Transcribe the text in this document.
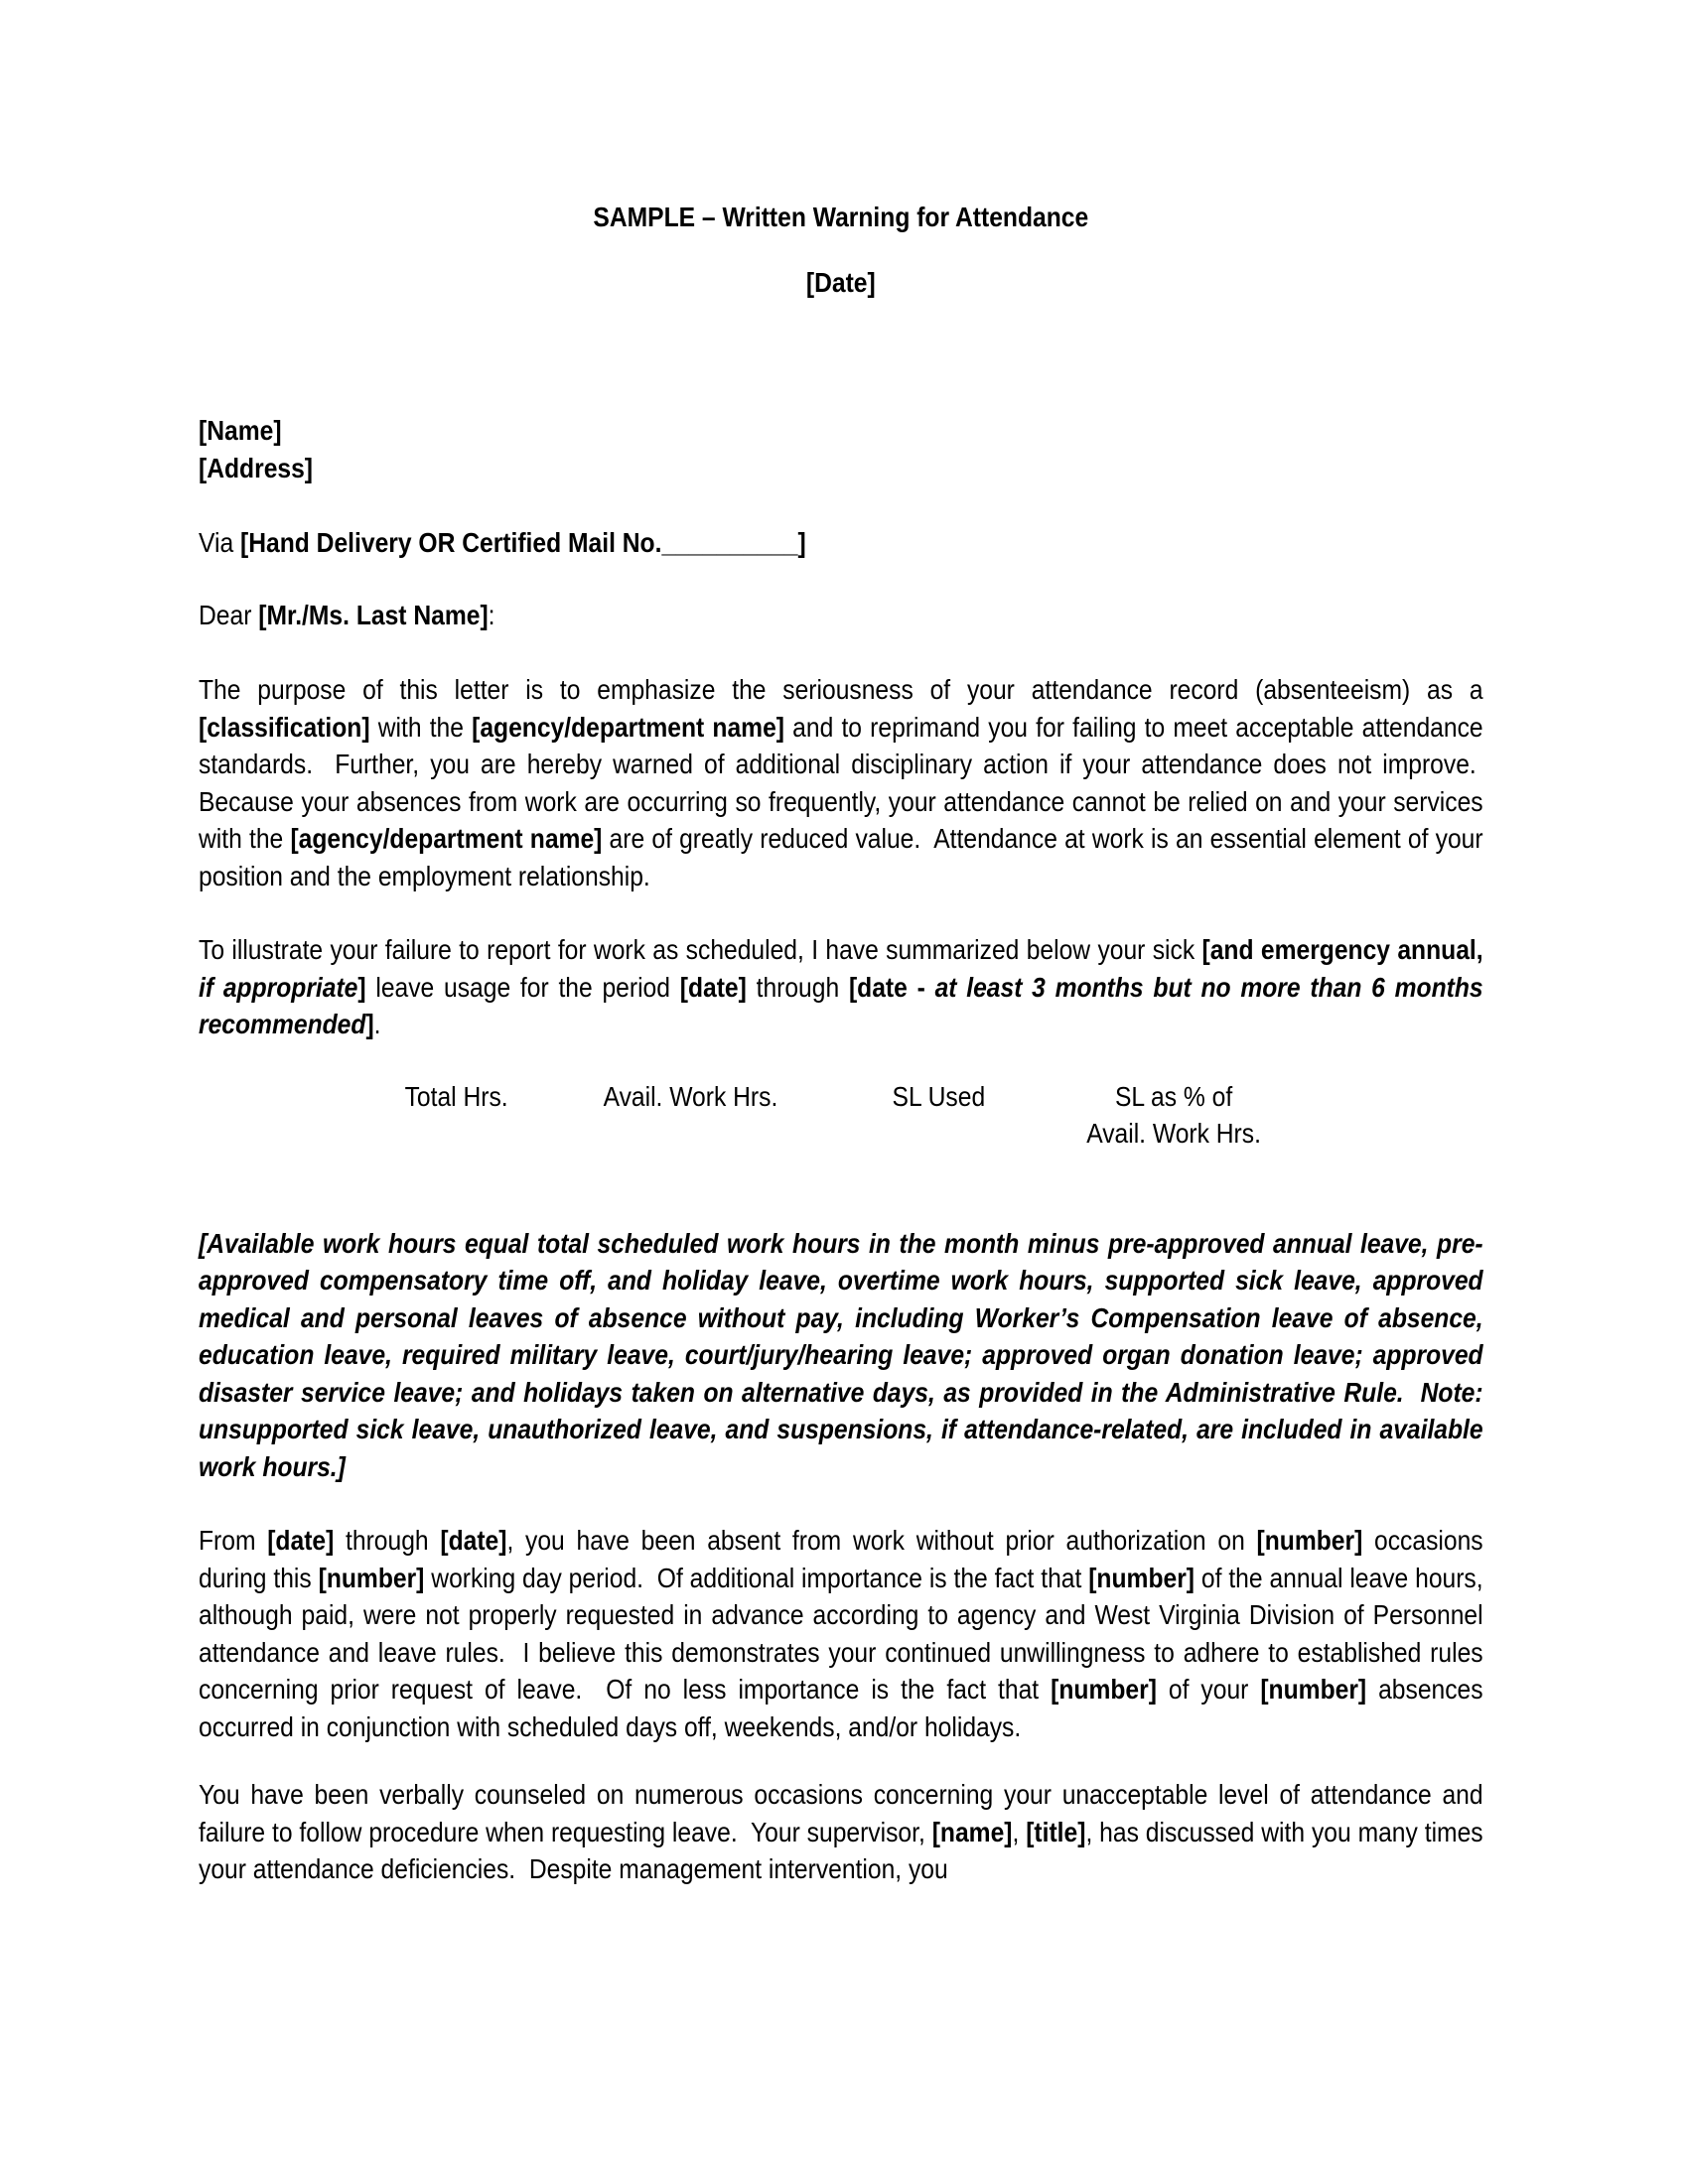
SAMPLE – Written Warning for Attendance

[Date]

[Name]

[Address]

Via [Hand Delivery OR Certified Mail No.__________]

Dear [Mr./Ms. Last Name]:

The purpose of this letter is to emphasize the seriousness of your attendance record (absenteeism) as a [classification] with the [agency/department name] and to reprimand you for failing to meet acceptable attendance standards.  Further, you are hereby warned of additional disciplinary action if your attendance does not improve.  Because your absences from work are occurring so frequently, your attendance cannot be relied on and your services with the [agency/department name] are of greatly reduced value.  Attendance at work is an essential element of your position and the employment relationship.

To illustrate your failure to report for work as scheduled, I have summarized below your sick [and emergency annual, if appropriate] leave usage for the period [date] through [date - at least 3 months but no more than 6 months recommended].

Total Hrs.	Avail. Work Hrs.	SL Used	SL as % of
Avail. Work Hrs.

[Available work hours equal total scheduled work hours in the month minus pre-approved annual leave, pre-approved compensatory time off, and holiday leave, overtime work hours, supported sick leave, approved medical and personal leaves of absence without pay, including Worker’s Compensation leave of absence, education leave, required military leave, court/jury/hearing leave; approved organ donation leave; approved disaster service leave; and holidays taken on alternative days, as provided in the Administrative Rule.  Note: unsupported sick leave, unauthorized leave, and suspensions, if attendance-related, are included in available work hours.]

From [date] through [date], you have been absent from work without prior authorization on [number] occasions during this [number] working day period.  Of additional importance is the fact that [number] of the annual leave hours, although paid, were not properly requested in advance according to agency and West Virginia Division of Personnel attendance and leave rules.  I believe this demonstrates your continued unwillingness to adhere to established rules concerning prior request of leave.  Of no less importance is the fact that [number] of your [number] absences occurred in conjunction with scheduled days off, weekends, and/or holidays.

You have been verbally counseled on numerous occasions concerning your unacceptable level of attendance and failure to follow procedure when requesting leave.  Your supervisor, [name], [title], has discussed with you many times your attendance deficiencies.  Despite management intervention, you
